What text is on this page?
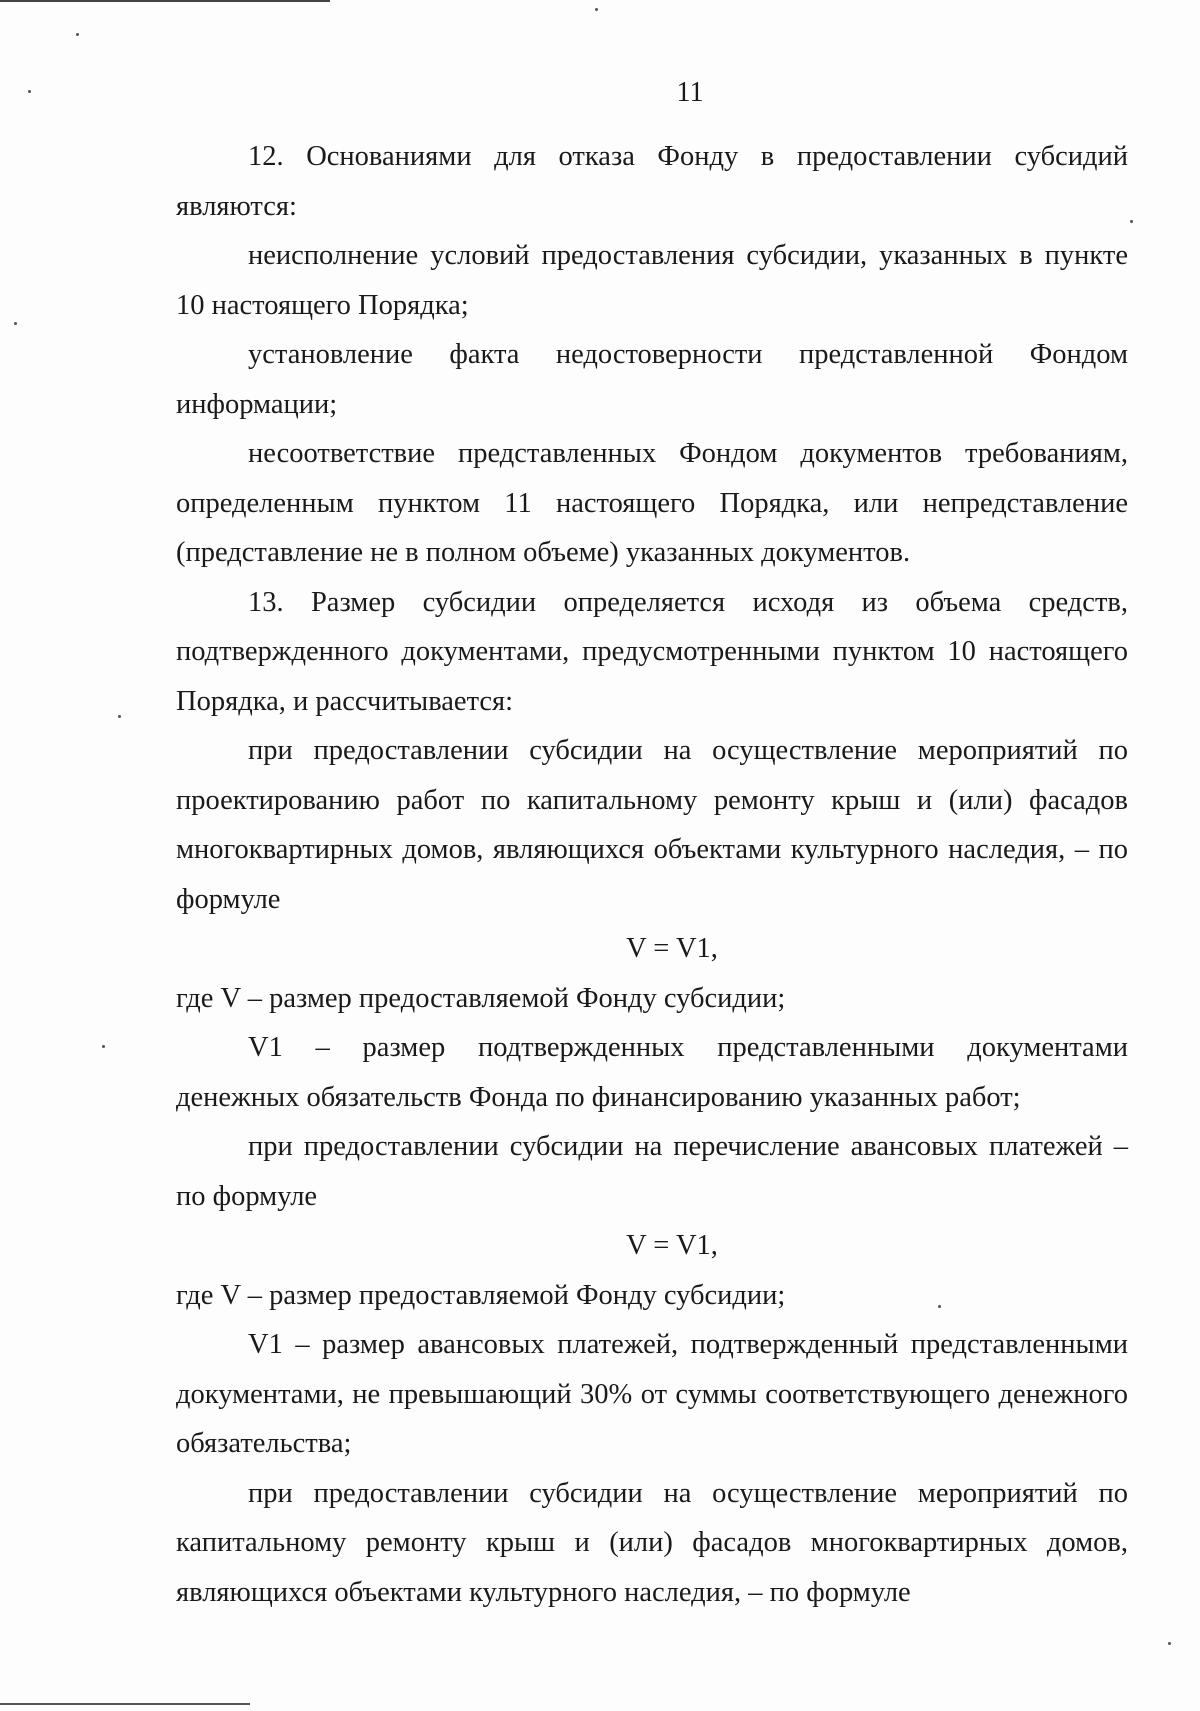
11

12. Основаниями для отказа Фонду в предоставлении субсидий являются:

неисполнение условий предоставления субсидии, указанных в пункте 10 настоящего Порядка;

установление факта недостоверности представленной Фондом информации;

несоответствие представленных Фондом документов требованиям, определенным пунктом 11 настоящего Порядка, или непредставление (представление не в полном объеме) указанных документов.

13. Размер субсидии определяется исходя из объема средств, подтвержденного документами, предусмотренными пунктом 10 настоящего Порядка, и рассчитывается:

при предоставлении субсидии на осуществление мероприятий по проектированию работ по капитальному ремонту крыш и (или) фасадов многоквартирных домов, являющихся объектами культурного наследия, – по формуле

V = V1,

где V – размер предоставляемой Фонду субсидии;

V1 – размер подтвержденных представленными документами денежных обязательств Фонда по финансированию указанных работ;

при предоставлении субсидии на перечисление авансовых платежей – по формуле

V = V1,

где V – размер предоставляемой Фонду субсидии;

V1 – размер авансовых платежей, подтвержденный представленными документами, не превышающий 30% от суммы соответствующего денежного обязательства;

при предоставлении субсидии на осуществление мероприятий по капитальному ремонту крыш и (или) фасадов многоквартирных домов, являющихся объектами культурного наследия, – по формуле
